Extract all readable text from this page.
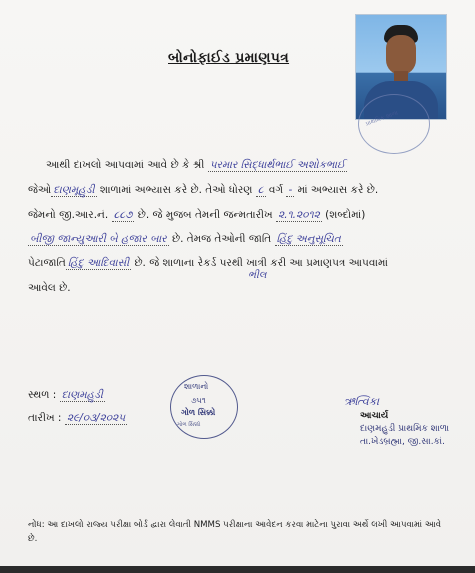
બોનોફાઈડ પ્રમાણપત્ર
પ્રાથમિક શાળા
આથી દાખલો આપવામાં આવે છે કે શ્રી પરમાર સિદ્ધાર્થભાઈ અશોકભાઈ
જેઓ દાણમૂહુડી શાળામાં અભ્યાસ કરે છે. તેઓ ધોરણ ૮ વર્ગ - માં અભ્યાસ કરે છે.
જેમનો જી.આર.નં. ૮૮૭ છે. જે મુજબ તેમની જન્મતારીખ ૨.૧.૨૦૧૨ (શબ્દોમાં)
બીજી જાન્યુઆરી બે હજાર બાર છે. તેમજ તેઓની જાતિ હિંદુ અનુસૂચિત
પેટાજાતિ હિંદુ આદિવાસી છે. જે શાળાના રેકર્ડ પરથી ખાત્રી કરી આ પ્રમાણપત્ર આપવામાં
ભીલ
આવેલ છે.
સ્થળ : દાણમહુડી
તારીખ : ૨૯/૦૩/૨૦૨૫
શાળાનો
૭૫૧
ગોળ સિક્કો
ગોળ સિક્કો
ઋત્વિકા
આચાર્ય
દાણમહુડી પ્રાથમિક શાળા
તા.ખેડબ્રહ્મા, જી.સા.કાં.
નોંધ: આ દાખલો રાજ્ય પરીક્ષા બોર્ડ દ્વારા લેવાતી NMMS પરીક્ષાના આવેદન કરવા માટેના પુરાવા અર્થે લખી આપવામાં આવે છે.
